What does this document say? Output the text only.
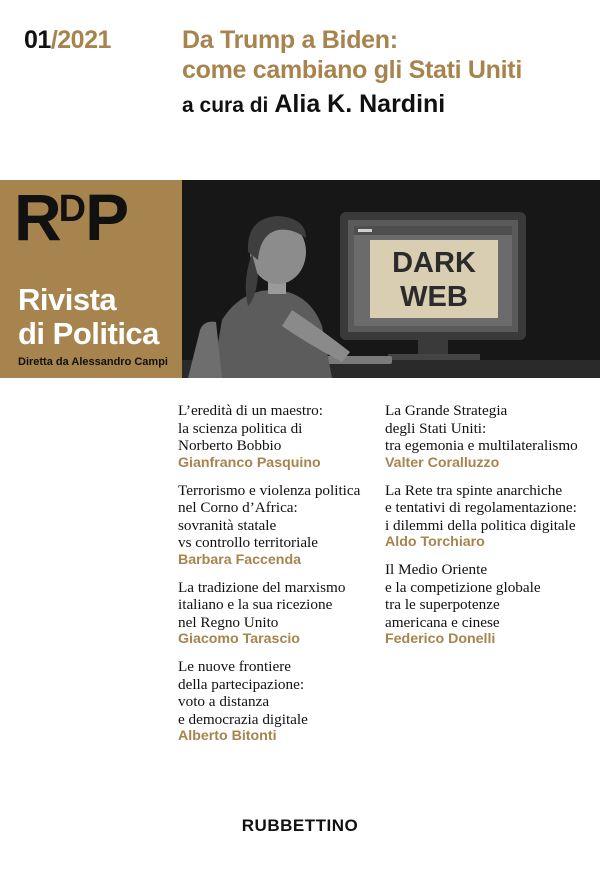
01/2021	Da Trump a Biden:
come cambiano gli Stati Uniti
a cura di Alia K. Nardini
$R^DP$
Rivista
di Politica
Diretta da Alessandro Campi
DARK
WEB
L’eredità di un maestro:
la scienza politica di
Norberto Bobbio
Gianfranco Pasquino
Terrorismo e violenza politica
nel Corno d’Africa:
sovranità statale
vs controllo territoriale
Barbara Faccenda
La tradizione del marxismo
italiano e la sua ricezione
nel Regno Unito
Giacomo Tarascio
Le nuove frontiere
della partecipazione:
voto a distanza
e democrazia digitale
Alberto Bitonti
La Grande Strategia
degli Stati Uniti:
tra egemonia e multilateralismo
Valter Coralluzzo
La Rete tra spinte anarchiche
e tentativi di regolamentazione:
i dilemmi della politica digitale
Aldo Torchiaro
Il Medio Oriente
e la competizione globale
tra le superpotenze
americana e cinese
Federico Donelli
RUBBETTINO
